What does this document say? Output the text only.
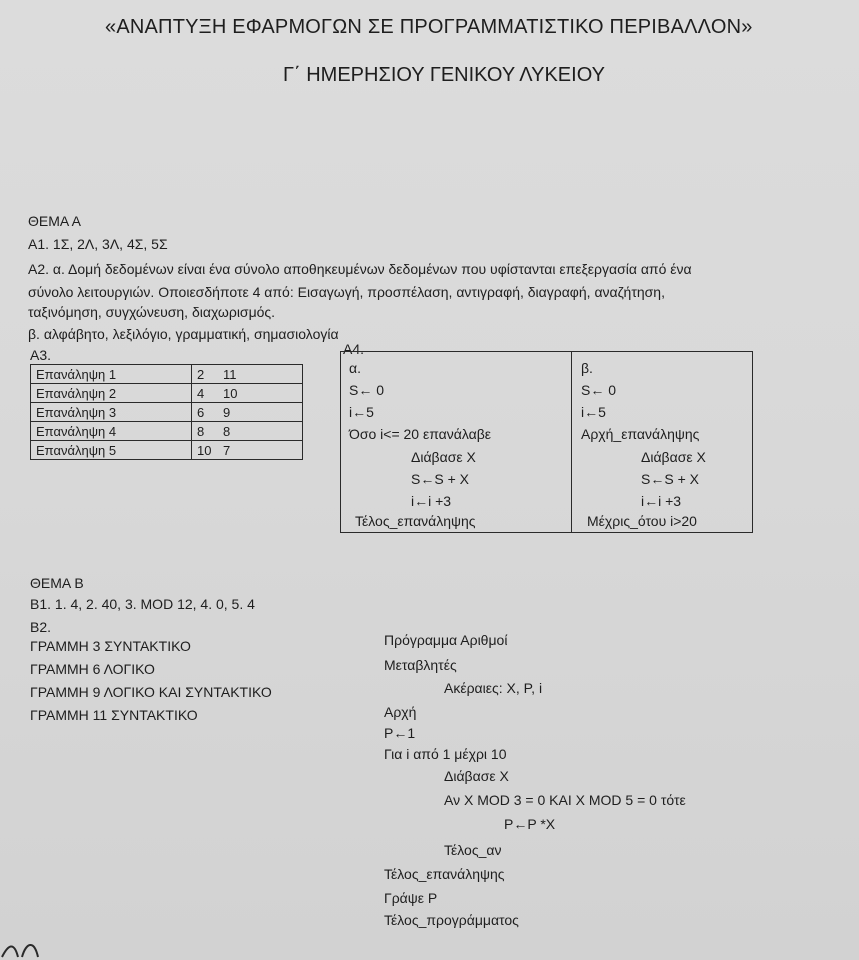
«ΑΝΑΠΤΥΞΗ ΕΦΑΡΜΟΓΩΝ ΣΕ ΠΡΟΓΡΑΜΜΑΤΙΣΤΙΚΟ ΠΕΡΙΒΑΛΛΟΝ»
Γ΄ ΗΜΕΡΗΣΙΟΥ ΓΕΝΙΚΟΥ ΛΥΚΕΙΟΥ
ΘΕΜΑ Α
Α1. 1Σ, 2Λ, 3Λ, 4Σ, 5Σ
Α2. α. Δομή δεδομένων είναι ένα σύνολο αποθηκευμένων δεδομένων που υφίστανται επεξεργασία από ένα
σύνολο λειτουργιών. Οποιεσδήποτε 4 από: Εισαγωγή, προσπέλαση, αντιγραφή, διαγραφή, αναζήτηση,
ταξινόμηση, συγχώνευση, διαχωρισμός.
β. αλφάβητο, λεξιλόγιο, γραμματική, σημασιολογία
Α3.
Επανάληψη 1	2 11
Επανάληψη 2	4 10
Επανάληψη 3	6 9
Επανάληψη 4	8 8
Επανάληψη 5	10 7
Α4.
α.
S← 0
i←5
Όσο i<= 20 επανάλαβε
Διάβασε Χ
S←S + X
i←i +3
Τέλος_επανάληψης
β.
S← 0
i←5
Αρχή_επανάληψης
Διάβασε Χ
S←S + X
i←i +3
Μέχρις_ότου i>20
ΘΕΜΑ Β
Β1. 1. 4, 2. 40, 3. MOD 12, 4. 0, 5. 4
Β2.
ΓΡΑΜΜΗ 3 ΣΥΝΤΑΚΤΙΚΟ
ΓΡΑΜΜΗ 6 ΛΟΓΙΚΟ
ΓΡΑΜΜΗ 9 ΛΟΓΙΚΟ ΚΑΙ ΣΥΝΤΑΚΤΙΚΟ
ΓΡΑΜΜΗ 11 ΣΥΝΤΑΚΤΙΚΟ
Πρόγραμμα Αριθμοί
Μεταβλητές
Ακέραιες: Χ, Ρ, i
Αρχή
Ρ←1
Για i από 1 μέχρι 10
Διάβασε Χ
Αν Χ MOD 3 = 0 ΚΑΙ Χ MOD 5 = 0 τότε
Ρ←Ρ *Χ
Τέλος_αν
Τέλος_επανάληψης
Γράψε Ρ
Τέλος_προγράμματος
